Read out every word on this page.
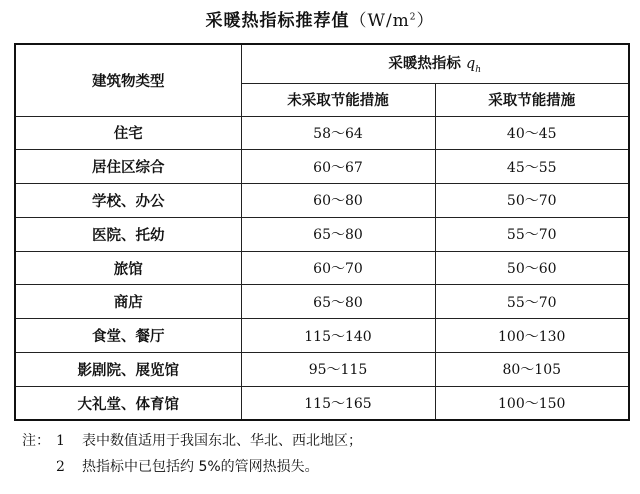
采暖热指标推荐值$(W/m^2)$
建筑物类型	采暖热指标 $q_h$
	未采取节能措施	采取节能措施
住宅	58～64	40～45
居住区综合	60～67	45～55
学校、办公	60～80	50～70
医院、托幼	65～80	55～70
旅馆	60～70	50～60
商店	65～80	55～70
食堂、餐厅	115～140	100～130
影剧院、展览馆	95～115	80～105
大礼堂、体育馆	115～165	100～150
注： 1 表中数值适用于我国东北、华北、西北地区；
2 热指标中已包括约 5%的管网热损失。
